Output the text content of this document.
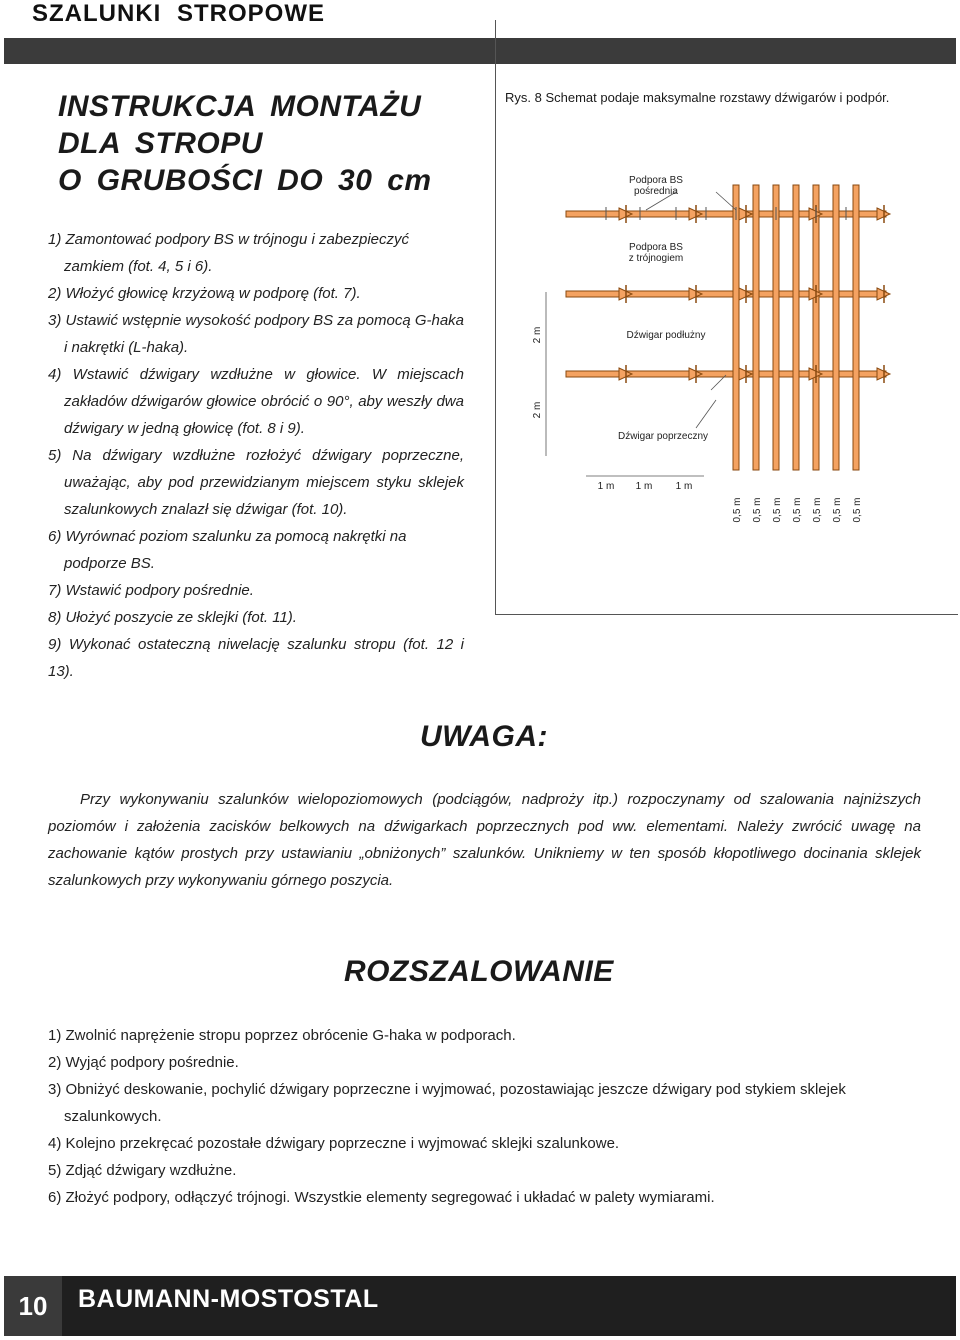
SZALUNKI STROPOWE
INSTRUKCJA MONTAŻU
DLA STROPU
O GRUBOŚCI DO 30 cm

1) Zamontować podpory BS w trójnogu i zabezpieczyć

zamkiem (fot. 4, 5 i 6).

2) Włożyć głowicę krzyżową w podporę (fot. 7).

3) Ustawić wstępnie wysokość podpory BS za pomocą G-haka

i nakrętki (L-haka).

4) Wstawić dźwigary wzdłużne w głowice. W miejscach zakładów dźwigarów głowice obrócić o 90°, aby weszły dwa dźwigary w jedną głowicę (fot. 8 i 9).

5) Na dźwigary wzdłużne rozłożyć dźwigary poprzeczne, uważając, aby pod przewidzianym miejscem styku sklejek szalunkowych znalazł się dźwigar (fot. 10).

6) Wyrównać poziom szalunku za pomocą nakrętki na

podporze BS.

7) Wstawić podpory pośrednie.

8) Ułożyć poszycie ze sklejki (fot. 11).

9) Wykonać ostateczną niwelację szalunku stropu (fot. 12 i 13).

Rys. 8 Schemat podaje maksymalne rozstawy dźwigarów i podpór.
Podpora BS
pośrednia
Podpora BS
z trójnogiem
Dźwigar podłużny
Dźwigar poprzeczny
2 m
2 m
1 m 1 m 1 m
0,5 m 0,5 m 0,5 m 0,5 m 0,5 m 0,5 m 0,5 m
UWAGA:
Przy wykonywaniu szalunków wielopoziomowych (podciągów, nadproży itp.) rozpoczynamy od szalowania najniższych poziomów i założenia zacisków belkowych na dźwigarkach poprzecznych pod ww. elementami. Należy zwrócić uwagę na zachowanie kątów prostych przy ustawianiu „obniżonych” szalunków. Unikniemy w ten sposób kłopotliwego docinania sklejek szalunkowych przy wykonywaniu górnego poszycia.
ROZSZALOWANIE

1) Zwolnić naprężenie stropu poprzez obrócenie G-haka w podporach.

2) Wyjąć podpory pośrednie.

3) Obniżyć deskowanie, pochylić dźwigary poprzeczne i wyjmować, pozostawiając jeszcze dźwigary pod stykiem sklejek

szalunkowych.

4) Kolejno przekręcać pozostałe dźwigary poprzeczne i wyjmować sklejki szalunkowe.

5) Zdjąć dźwigary wzdłużne.

6) Złożyć podpory, odłączyć trójnogi. Wszystkie elementy segregować i układać w palety wymiarami.

10	BAUMANN-MOSTOSTAL
